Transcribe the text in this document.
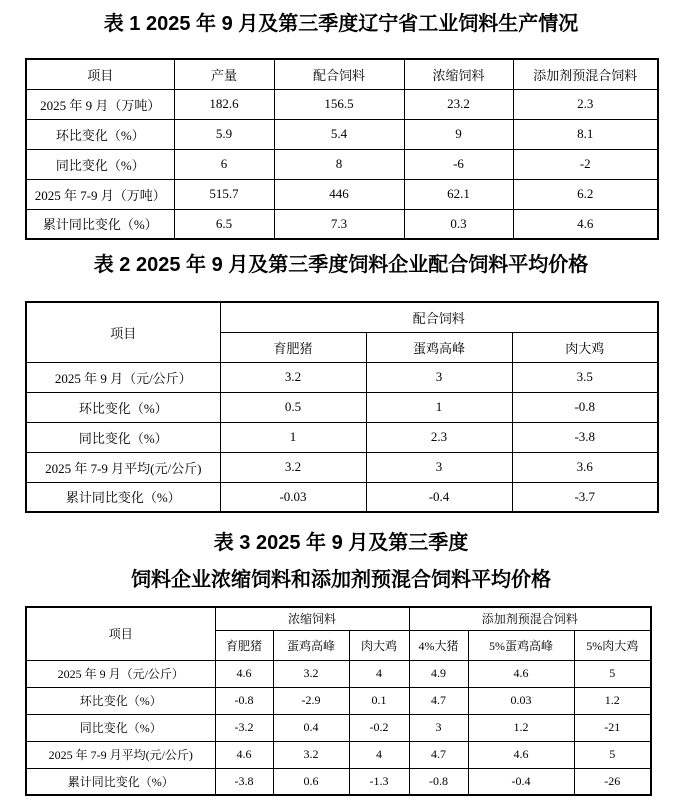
表 1 2025 年 9 月及第三季度辽宁省工业饲料生产情况
项目	产量	配合饲料	浓缩饲料	添加剂预混合饲料
2025 年 9 月（万吨）	182.6	156.5	23.2	2.3
环比变化（%）	5.9	5.4	9	8.1
同比变化（%）	6	8	-6	-2
2025 年 7-9 月（万吨）	515.7	446	62.1	6.2
累计同比变化（%）	6.5	7.3	0.3	4.6
表 2 2025 年 9 月及第三季度饲料企业配合饲料平均价格
项目	配合饲料		
	育肥猪	蛋鸡高峰	肉大鸡
2025 年 9 月（元/公斤）	3.2	3	3.5
环比变化（%）	0.5	1	-0.8
同比变化（%）	1	2.3	-3.8
2025 年 7-9 月平均(元/公斤)	3.2	3	3.6
累计同比变化（%）	-0.03	-0.4	-3.7
表 3 2025 年 9 月及第三季度
饲料企业浓缩饲料和添加剂预混合饲料平均价格
项目	浓缩饲料			添加剂预混合饲料		
	育肥猪	蛋鸡高峰	肉大鸡	4%大猪	5%蛋鸡高峰	5%肉大鸡
2025 年 9 月（元/公斤）	4.6	3.2	4	4.9	4.6	5
环比变化（%）	-0.8	-2.9	0.1	4.7	0.03	1.2
同比变化（%）	-3.2	0.4	-0.2	3	1.2	-21
2025 年 7-9 月平均(元/公斤)	4.6	3.2	4	4.7	4.6	5
累计同比变化（%）	-3.8	0.6	-1.3	-0.8	-0.4	-26
